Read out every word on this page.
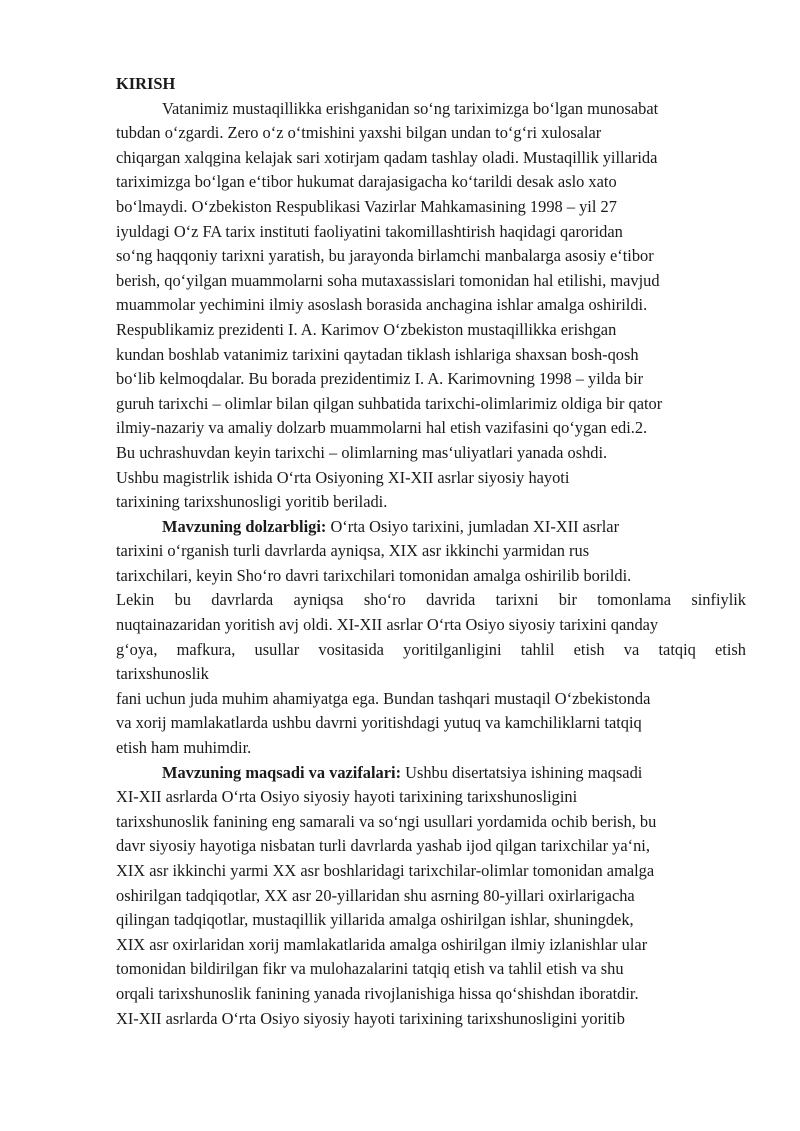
KIRISH

Vatanimiz mustaqillikka erishganidan so‘ng tariximizga bo‘lgan munosabat
tubdan o‘zgardi. Zero o‘z o‘tmishini yaxshi bilgan undan to‘g‘ri xulosalar
chiqargan xalqgina kelajak sari xotirjam qadam tashlay oladi. Mustaqillik yillarida
tariximizga bo‘lgan e‘tibor hukumat darajasigacha ko‘tarildi desak aslo xato
bo‘lmaydi. O‘zbekiston Respublikasi Vazirlar Mahkamasining 1998 – yil 27
iyuldagi O‘z FA tarix instituti faoliyatini takomillashtirish haqidagi qaroridan
so‘ng haqqoniy tarixni yaratish, bu jarayonda birlamchi manbalarga asosiy e‘tibor
berish, qo‘yilgan muammolarni soha mutaxassislari tomonidan hal etilishi, mavjud
muammolar yechimini ilmiy asoslash borasida anchagina ishlar amalga oshirildi.
Respublikamiz prezidenti I. A. Karimov O‘zbekiston mustaqillikka erishgan
kundan boshlab vatanimiz tarixini qaytadan tiklash ishlariga shaxsan bosh-qosh
bo‘lib kelmoqdalar. Bu borada prezidentimiz I. A. Karimovning 1998 – yilda bir
guruh tarixchi – olimlar bilan qilgan suhbatida tarixchi-olimlarimiz oldiga bir qator
ilmiy-nazariy va amaliy dolzarb muammolarni hal etish vazifasini qo‘ygan edi.2.
Bu uchrashuvdan keyin tarixchi – olimlarning mas‘uliyatlari yanada oshdi.
Ushbu magistrlik ishida O‘rta Osiyoning XI-XII asrlar siyosiy hayoti
tarixining tarixshunosligi yoritib beriladi.

Mavzuning dolzarbligi: O‘rta Osiyo tarixini, jumladan XI-XII asrlar
tarixini o‘rganish turli davrlarda ayniqsa, XIX asr ikkinchi yarmidan rus
tarixchilari, keyin Sho‘ro davri tarixchilari tomonidan amalga oshirilib borildi.
Lekin bu davrlarda ayniqsa sho‘ro davrida tarixni bir tomonlama sinfiylik
nuqtainazaridan yoritish avj oldi. XI-XII asrlar O‘rta Osiyo siyosiy tarixini qanday
g‘oya, mafkura, usullar vositasida yoritilganligini tahlil etish va tatqiq etish
tarixshunoslik
fani uchun juda muhim ahamiyatga ega. Bundan tashqari mustaqil O‘zbekistonda
va xorij mamlakatlarda ushbu davrni yoritishdagi yutuq va kamchiliklarni tatqiq
etish ham muhimdir.

Mavzuning maqsadi va vazifalari: Ushbu disertatsiya ishining maqsadi
XI-XII asrlarda O‘rta Osiyo siyosiy hayoti tarixining tarixshunosligini
tarixshunoslik fanining eng samarali va so‘ngi usullari yordamida ochib berish, bu
davr siyosiy hayotiga nisbatan turli davrlarda yashab ijod qilgan tarixchilar ya‘ni,
XIX asr ikkinchi yarmi XX asr boshlaridagi tarixchilar-olimlar tomonidan amalga
oshirilgan tadqiqotlar, XX asr 20-yillaridan shu asrning 80-yillari oxirlarigacha
qilingan tadqiqotlar, mustaqillik yillarida amalga oshirilgan ishlar, shuningdek,
XIX asr oxirlaridan xorij mamlakatlarida amalga oshirilgan ilmiy izlanishlar ular
tomonidan bildirilgan fikr va mulohazalarini tatqiq etish va tahlil etish va shu
orqali tarixshunoslik fanining yanada rivojlanishiga hissa qo‘shishdan iboratdir.
XI-XII asrlarda O‘rta Osiyo siyosiy hayoti tarixining tarixshunosligini yoritib
